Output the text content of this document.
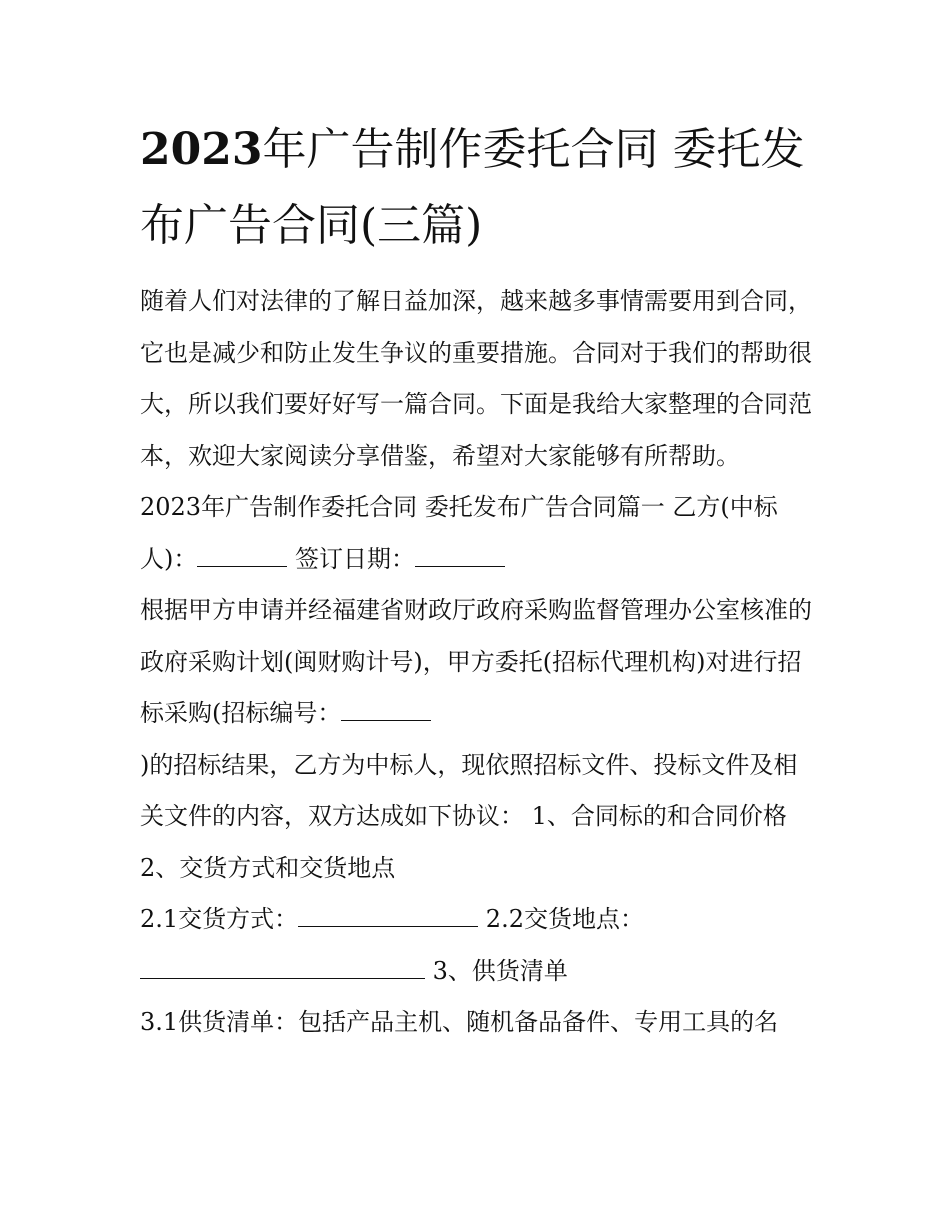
2023年广告制作委托合同 委托发布广告合同(三篇)

随着人们对法律的了解日益加深，越来越多事情需要用到合同，它也是减少和防止发生争议的重要措施。合同对于我们的帮助很大，所以我们要好好写一篇合同。下面是我给大家整理的合同范本，欢迎大家阅读分享借鉴，希望对大家能够有所帮助。

2023年广告制作委托合同 委托发布广告合同篇一 乙方(中标人)：	签订日期：

根据甲方申请并经福建省财政厅政府采购监督管理办公室核准的政府采购计划(闽财购计号)，甲方委托(招标代理机构)对进行招标采购(招标编号：

)的招标结果，乙方为中标人，现依照招标文件、投标文件及相关文件的内容，双方达成如下协议： 1、合同标的和合同价格 2、交货方式和交货地点

2.1交货方式：	2.2交货地点：
3、供货清单

3.1供货清单：包括产品主机、随机备品备件、专用工具的名
